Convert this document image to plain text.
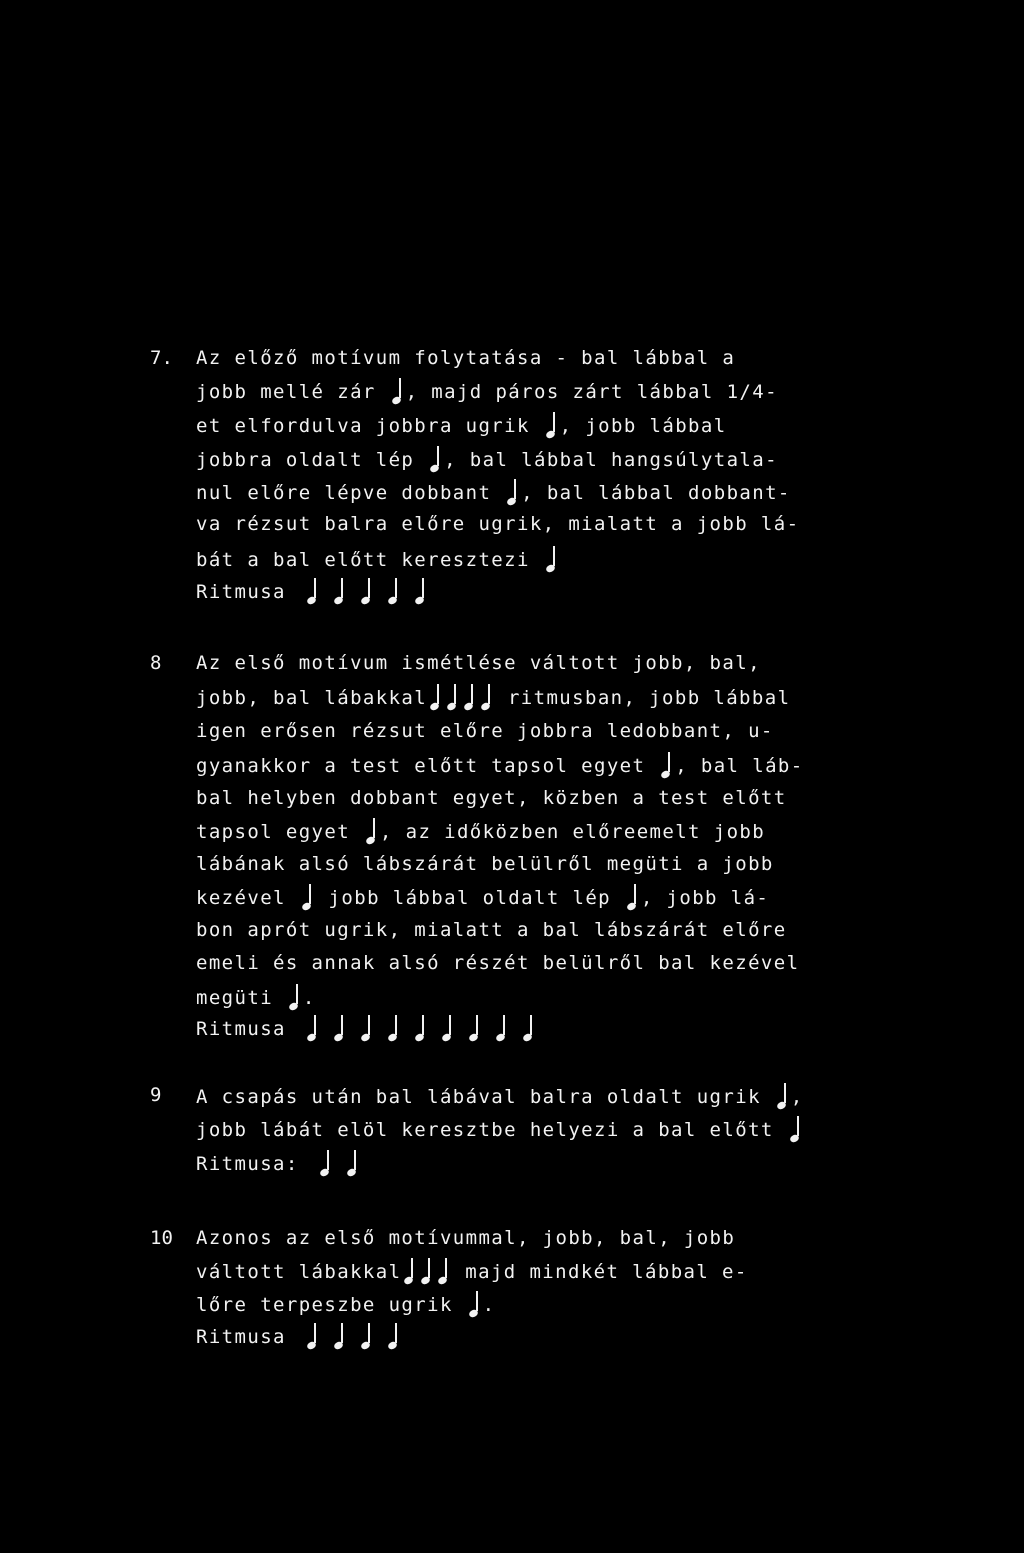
7. Az előző motívum folytatása - bal lábbal a
jobb mellé zár , majd páros zárt lábbal 1/4-
et elfordulva jobbra ugrik , jobb lábbal
jobbra oldalt lép , bal lábbal hangsúlytala-
nul előre lépve dobbant , bal lábbal dobbant-
va rézsut balra előre ugrik, mialatt a jobb lá-
bát a bal előtt keresztezi
Ritmusa
8 Az első motívum ismétlése váltott jobb, bal,
jobb, bal lábakkal	ritmusban, jobb lábbal
igen erősen rézsut előre jobbra ledobbant, u-
gyanakkor a test előtt tapsol egyet , bal láb-
bal helyben dobbant egyet, közben a test előtt
tapsol egyet , az időközben előreemelt jobb
lábának alsó lábszárát belülről megüti a jobb
kezével  jobb lábbal oldalt lép , jobb lá-
bon aprót ugrik, mialatt a bal lábszárát előre
emeli és annak alsó részét belülről bal kezével
megüti .
Ritmusa
9 A csapás után bal lábával balra oldalt ugrik ,
jobb lábát elöl keresztbe helyezi a bal előtt
Ritmusa:
10 Azonos az első motívummal, jobb, bal, jobb
váltott lábakkal	majd mindkét lábbal e-
lőre terpeszbe ugrik .
Ritmusa
